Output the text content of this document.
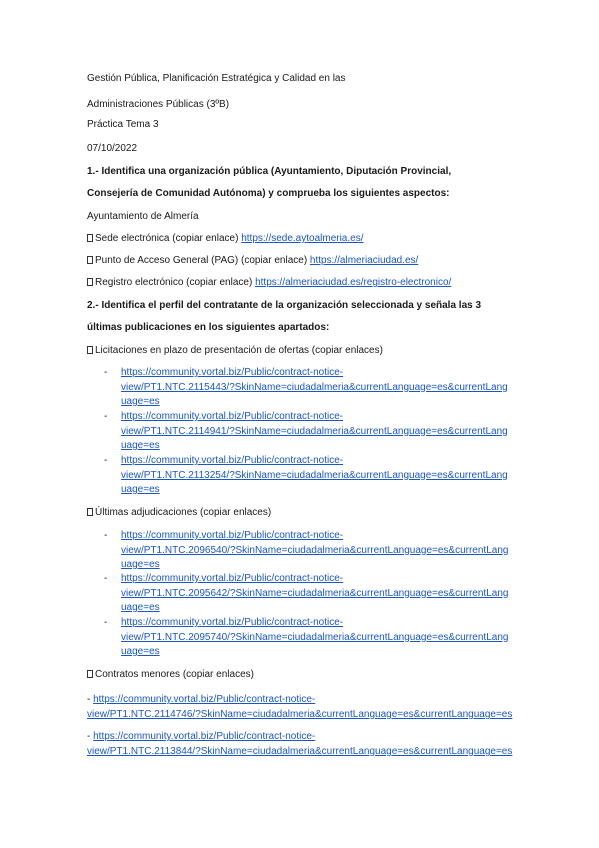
Gestión Pública, Planificación Estratégica y Calidad en las
Administraciones Públicas (3ºB)
Práctica Tema 3
07/10/2022
1.- Identifica una organización pública (Ayuntamiento, Diputación Provincial,
Consejería de Comunidad Autónoma) y comprueba los siguientes aspectos:
Ayuntamiento de Almería
Sede electrónica (copiar enlace) https://sede.aytoalmeria.es/
Punto de Acceso General (PAG) (copiar enlace) https://almeriaciudad.es/
Registro electrónico (copiar enlace) https://almeriaciudad.es/registro-electronico/
2.- Identifica el perfil del contratante de la organización seleccionada y señala las 3
últimas publicaciones en los siguientes apartados:
Licitaciones en plazo de presentación de ofertas (copiar enlaces)
- https://community.vortal.biz/Public/contract-notice-
view/PT1.NTC.2115443/?SkinName=ciudadalmeria&currentLanguage=es&currentLang
uage=es
- https://community.vortal.biz/Public/contract-notice-
view/PT1.NTC.2114941/?SkinName=ciudadalmeria&currentLanguage=es&currentLang
uage=es
- https://community.vortal.biz/Public/contract-notice-
view/PT1.NTC.2113254/?SkinName=ciudadalmeria&currentLanguage=es&currentLang
uage=es
Últimas adjudicaciones (copiar enlaces)
- https://community.vortal.biz/Public/contract-notice-
view/PT1.NTC.2096540/?SkinName=ciudadalmeria&currentLanguage=es&currentLang
uage=es
- https://community.vortal.biz/Public/contract-notice-
view/PT1.NTC.2095642/?SkinName=ciudadalmeria&currentLanguage=es&currentLang
uage=es
- https://community.vortal.biz/Public/contract-notice-
view/PT1.NTC.2095740/?SkinName=ciudadalmeria&currentLanguage=es&currentLang
uage=es
Contratos menores (copiar enlaces)
- https://community.vortal.biz/Public/contract-notice-
view/PT1.NTC.2114746/?SkinName=ciudadalmeria&currentLanguage=es&currentLanguage=es
- https://community.vortal.biz/Public/contract-notice-
view/PT1.NTC.2113844/?SkinName=ciudadalmeria&currentLanguage=es&currentLanguage=es
